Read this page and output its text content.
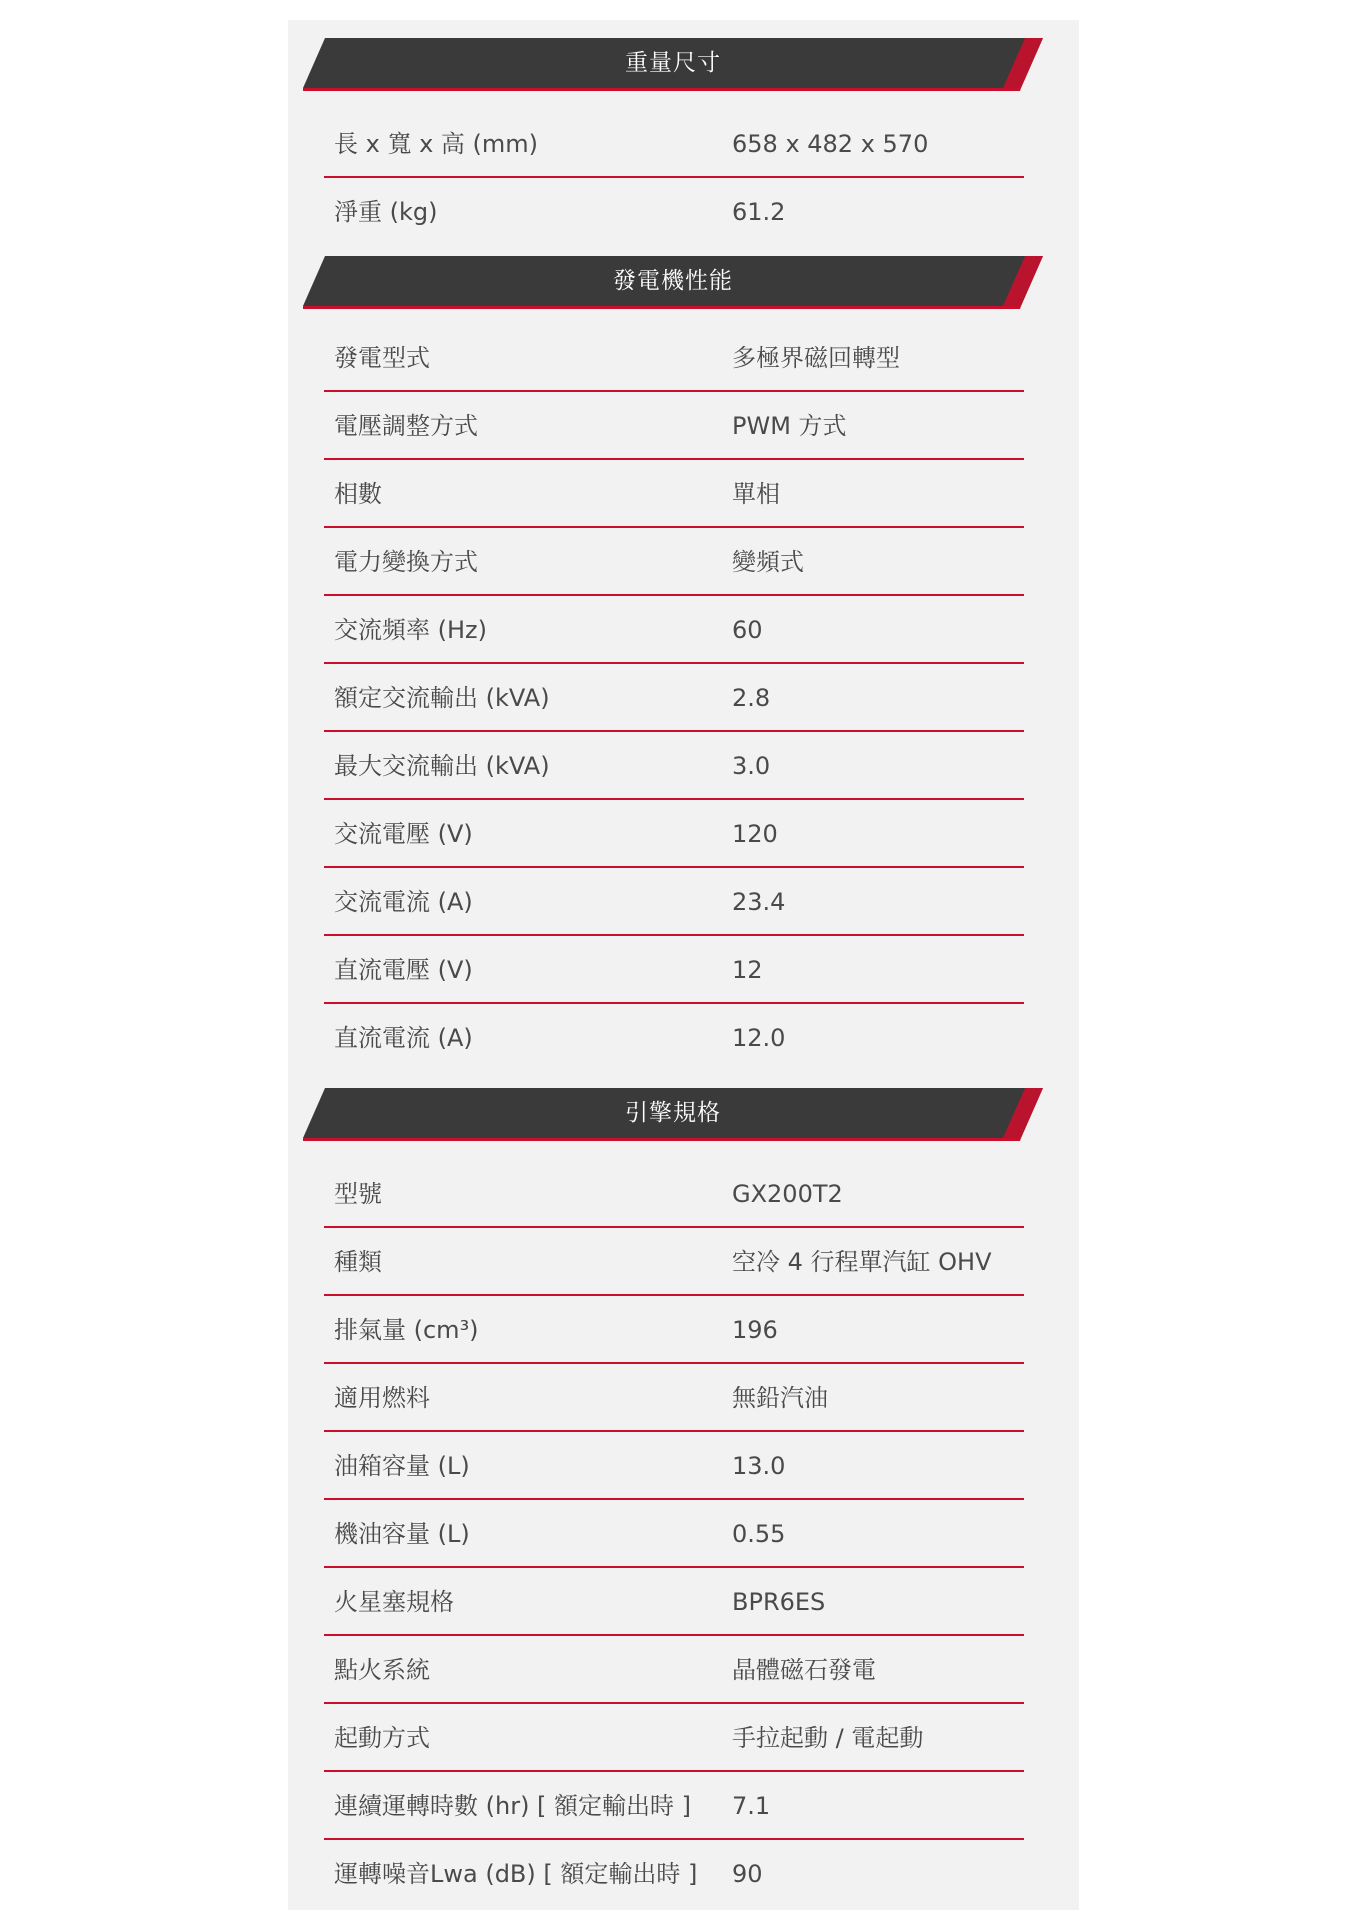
重量尺寸
長 x 寬 x 高 (mm)	658 x 482 x 570
淨重 (kg)	61.2
發電機性能
發電型式	多極界磁回轉型
電壓調整方式	PWM 方式
相數	單相
電力變換方式	變頻式
交流頻率 (Hz)	60
額定交流輸出 (kVA)	2.8
最大交流輸出 (kVA)	3.0
交流電壓 (V)	120
交流電流 (A)	23.4
直流電壓 (V)	12
直流電流 (A)	12.0
引擎規格
型號	GX200T2
種類	空冷 4 行程單汽缸 OHV
排氣量 (cm³)	196
適用燃料	無鉛汽油
油箱容量 (L)	13.0
機油容量 (L)	0.55
火星塞規格	BPR6ES
點火系統	晶體磁石發電
起動方式	手拉起動 / 電起動
連續運轉時數 (hr) [ 額定輸出時 ] 7.1
運轉噪音Lwa (dB) [ 額定輸出時 ] 90
